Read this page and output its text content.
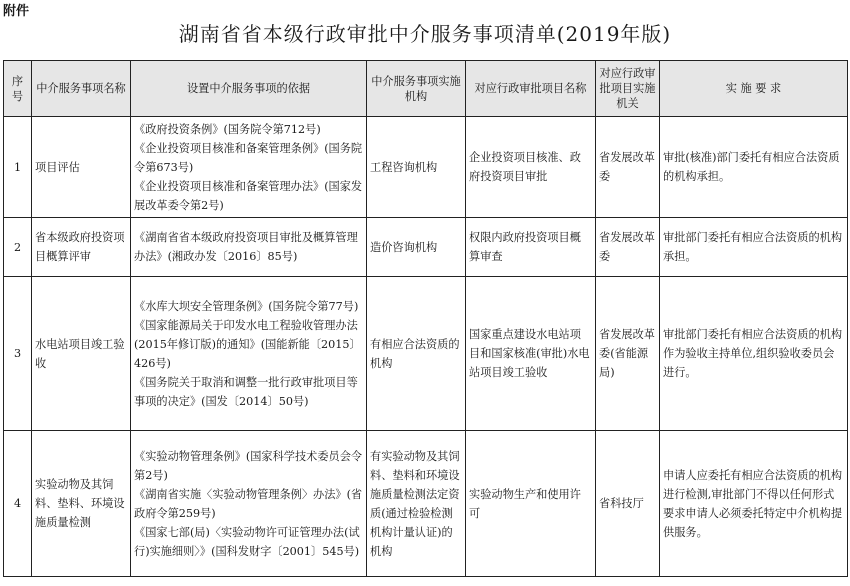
附件
湖南省省本级行政审批中介服务事项清单(2019年版)
序号	中介服务事项名称	设置中介服务事项的依据	中介服务事项实施机构	对应行政审批项目名称	对应行政审批项目实施机关	实 施 要 求
1	项目评估	《政府投资条例》(国务院令第712号)
《企业投资项目核准和备案管理条例》(国务院令第673号)
《企业投资项目核准和备案管理办法》(国家发展改革委令第2号)	工程咨询机构	企业投资项目核准、政府投资项目审批	省发展改革委	审批(核准)部门委托有相应合法资质的机构承担。
2	省本级政府投资项目概算评审	《湖南省省本级政府投资项目审批及概算管理办法》(湘政办发〔2016〕85号)	造价咨询机构	权限内政府投资项目概算审查	省发展改革委	审批部门委托有相应合法资质的机构承担。
3	水电站项目竣工验收	《水库大坝安全管理条例》(国务院令第77号)
《国家能源局关于印发水电工程验收管理办法(2015年修订版)的通知》(国能新能〔2015〕426号)
《国务院关于取消和调整一批行政审批项目等事项的决定》(国发〔2014〕50号)	有相应合法资质的机构	国家重点建设水电站项目和国家核准(审批)水电站项目竣工验收	省发展改革委(省能源局)	审批部门委托有相应合法资质的机构作为验收主持单位,组织验收委员会进行。
4	实验动物及其饲料、垫料、环境设施质量检测	《实验动物管理条例》(国家科学技术委员会令第2号)
《湖南省实施〈实验动物管理条例〉办法》(省政府令第259号)
《国家七部(局)〈实验动物许可证管理办法(试行)实施细则〉》(国科发财字〔2001〕545号)	有实验动物及其饲料、垫料和环境设施质量检测法定资质(通过检验检测机构计量认证)的机构	实验动物生产和使用许可	省科技厅	申请人应委托有相应合法资质的机构进行检测,审批部门不得以任何形式要求申请人必须委托特定中介机构提供服务。
